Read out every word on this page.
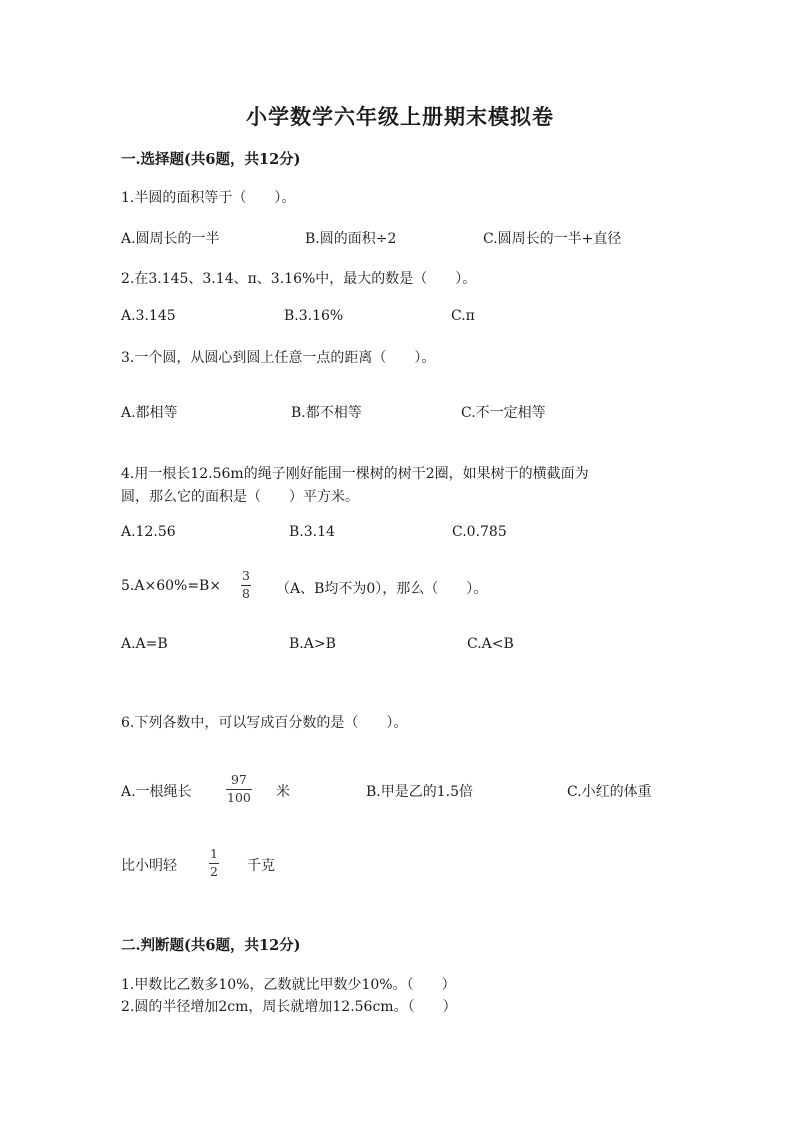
小学数学六年级上册期末模拟卷
一.选择题(共6题，共12分)
1.半圆的面积等于（　　）。
A.圆周长的一半	B.圆的面积÷2	C.圆周长的一半+直径
2.在3.145、3.14、π、3.16%中，最大的数是（　　）。
A.3.145	B.3.16%	C.π
3.一个圆，从圆心到圆上任意一点的距离（　　）。
A.都相等	B.都不相等	C.不一定相等
4.用一根长12.56m的绳子刚好能围一棵树的树干2圈，如果树干的横截面为
圆，那么它的面积是（　　）平方米。
A.12.56	B.3.14	C.0.785
5.A×60%=B×
3
8 （A、B均不为0），那么（　　）。
A.A=B	B.A>B	C.A<B
6.下列各数中，可以写成百分数的是（　　）。
A.一根绳长
97
100 米	B.甲是乙的1.5倍	C.小红的体重
比小明轻
1
2 千克
二.判断题(共6题，共12分)
1.甲数比乙数多10%，乙数就比甲数少10%。（　　）
2.圆的半径增加2cm，周长就增加12.56cm。（　　）
